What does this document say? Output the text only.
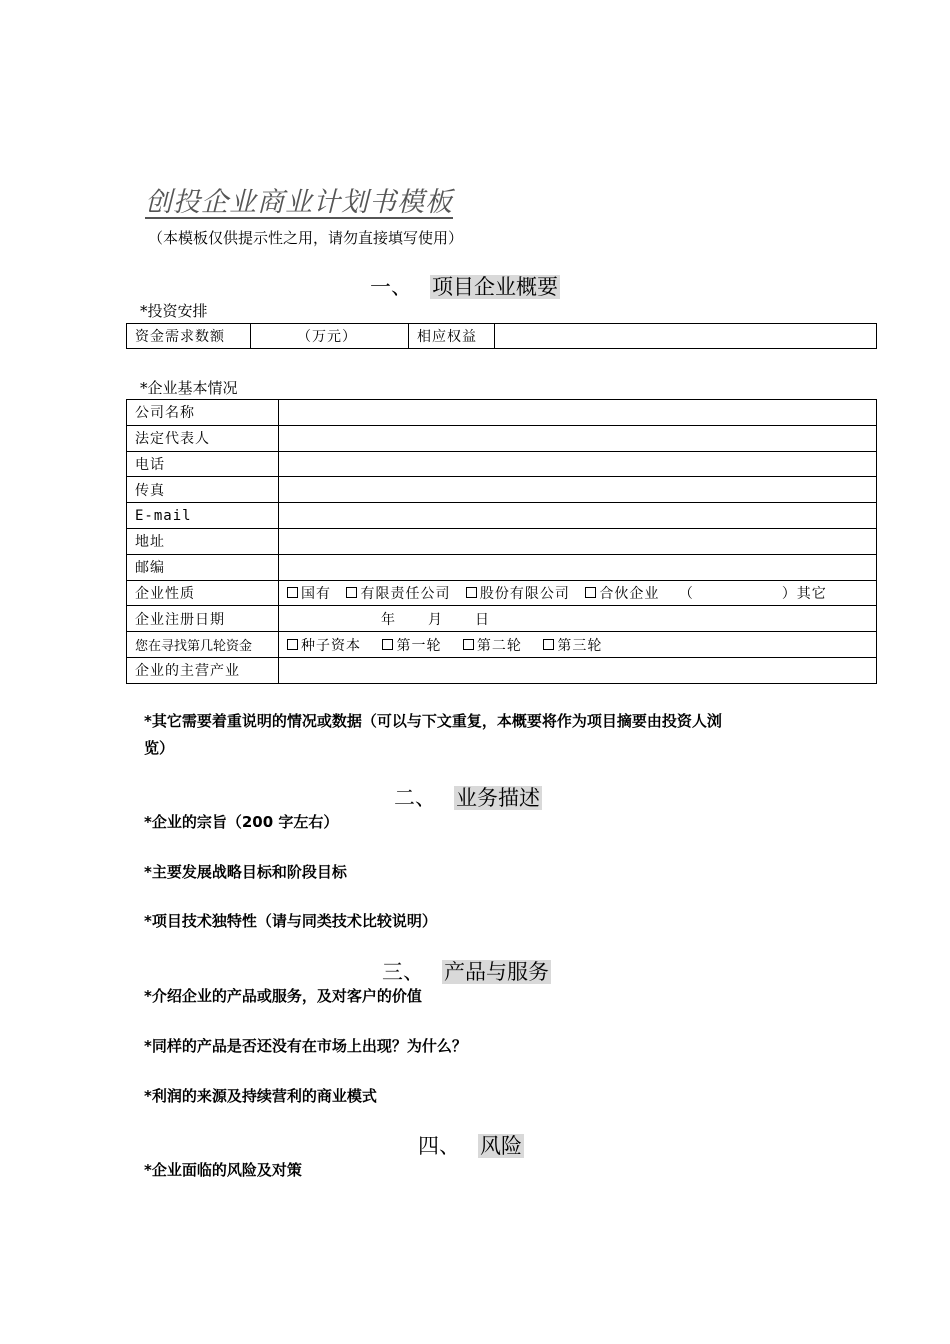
创投企业商业计划书模板
（本模板仅供提示性之用，请勿直接填写使用）
一、 项目企业概要
*投资安排
资金需求数额	（万元）	相应权益	
*企业基本情况
公司名称	
法定代表人	
电话	
传真	
E-mail	
地址	
邮编	
企业性质	国有 有限责任公司 股份有限公司 合伙企业 （ ）其它
企业注册日期	年 月 日
您在寻找第几轮资金	种子资本 第一轮 第二轮 第三轮
企业的主营产业	
*其它需要着重说明的情况或数据（可以与下文重复，本概要将作为项目摘要由投资人浏
览）
二、 业务描述
*企业的宗旨（200 字左右）
*主要发展战略目标和阶段目标
*项目技术独特性（请与同类技术比较说明）
三、 产品与服务
*介绍企业的产品或服务，及对客户的价值
*同样的产品是否还没有在市场上出现？为什么？
*利润的来源及持续营利的商业模式
四、 风险
*企业面临的风险及对策
